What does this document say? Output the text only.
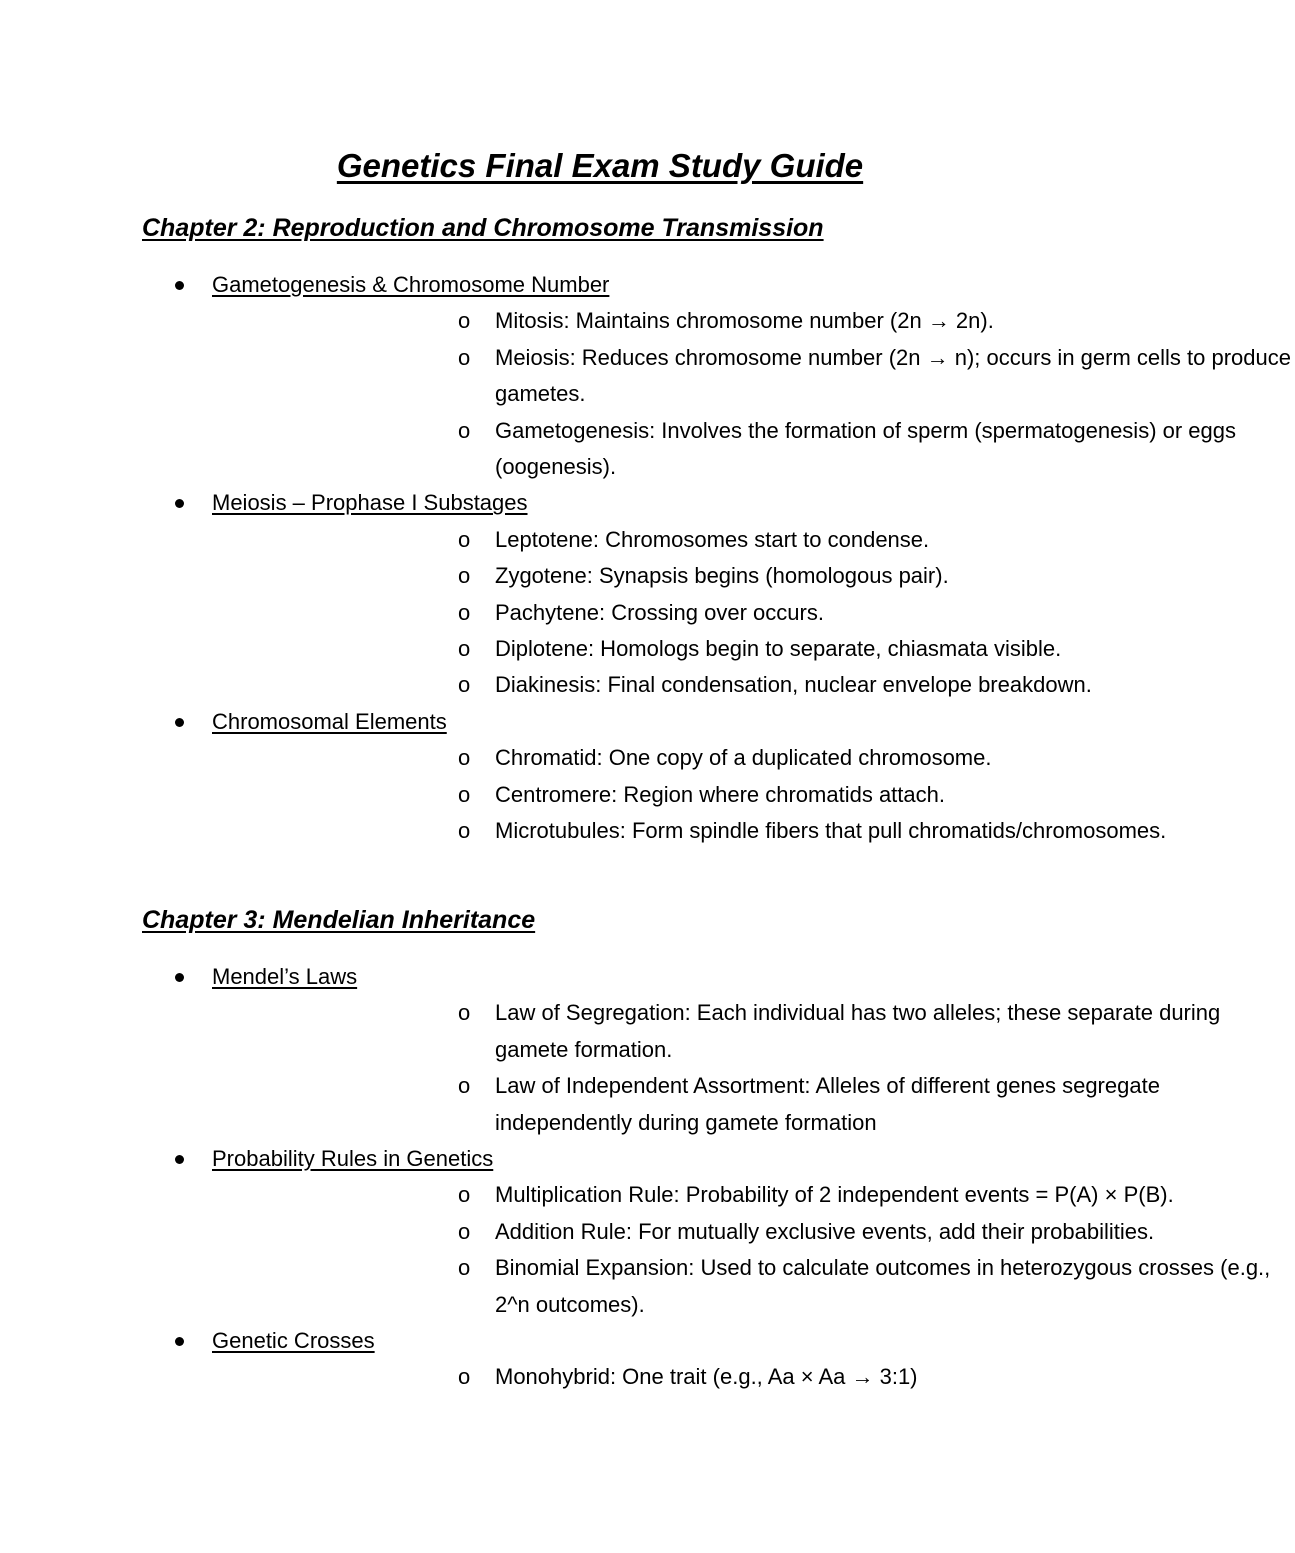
Genetics Final Exam Study Guide
Chapter 2: Reproduction and Chromosome Transmission
Gametogenesis & Chromosome Number
o Mitosis: Maintains chromosome number (2n → 2n).
o Meiosis: Reduces chromosome number (2n → n); occurs in germ cells to produce gametes.
o Gametogenesis: Involves the formation of sperm (spermatogenesis) or eggs (oogenesis).
Meiosis – Prophase I Substages
o Leptotene: Chromosomes start to condense.
o Zygotene: Synapsis begins (homologous pair).
o Pachytene: Crossing over occurs.
o Diplotene: Homologs begin to separate, chiasmata visible.
o Diakinesis: Final condensation, nuclear envelope breakdown.
Chromosomal Elements
o Chromatid: One copy of a duplicated chromosome.
o Centromere: Region where chromatids attach.
o Microtubules: Form spindle fibers that pull chromatids/chromosomes.
Chapter 3: Mendelian Inheritance
Mendel’s Laws
o Law of Segregation: Each individual has two alleles; these separate during gamete formation.
o Law of Independent Assortment: Alleles of different genes segregate independently during gamete formation
Probability Rules in Genetics
o Multiplication Rule: Probability of 2 independent events = P(A) × P(B).
o Addition Rule: For mutually exclusive events, add their probabilities.
o Binomial Expansion: Used to calculate outcomes in heterozygous crosses (e.g., 2^n outcomes).
Genetic Crosses
o Monohybrid: One trait (e.g., Aa × Aa → 3:1)
